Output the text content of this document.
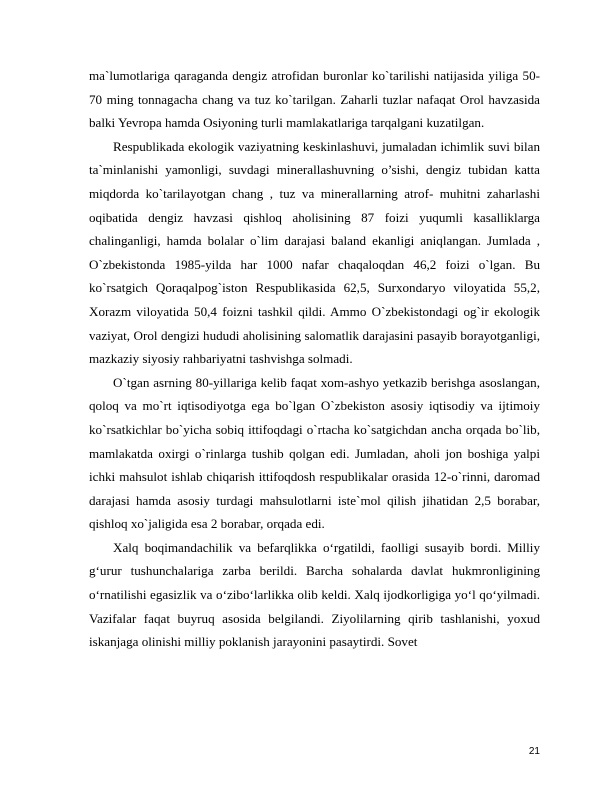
ma`lumotlariga qaraganda dengiz atrofidan buronlar ko`tarilishi natijasida yiliga 50-70 ming tonnagacha chang va tuz ko`tarilgan. Zaharli tuzlar nafaqat Orol havzasida balki Yevropa hamda Osiyoning turli mamlakatlariga tarqalgani kuzatilgan.

Respublikada ekologik vaziyatning keskinlashuvi, jumaladan ichimlik suvi bilan ta`minlanishi yamonligi, suvdagi minerallashuvning o’sishi, dengiz tubidan katta miqdorda ko`tarilayotgan chang , tuz va minerallarning atrof- muhitni zaharlashi oqibatida dengiz havzasi qishloq aholisining 87 foizi yuqumli kasalliklarga chalinganligi, hamda bolalar o`lim darajasi baland ekanligi aniqlangan. Jumlada , O`zbekistonda 1985-yilda har 1000 nafar chaqaloqdan 46,2 foizi o`lgan. Bu ko`rsatgich Qoraqalpog`iston Respublikasida 62,5, Surxondaryo viloyatida 55,2, Xorazm viloyatida 50,4 foizni tashkil qildi. Ammo O`zbekistondagi og`ir ekologik vaziyat, Orol dengizi hududi aholisining salomatlik darajasini pasayib borayotganligi, mazkaziy siyosiy rahbariyatni tashvishga solmadi.

O`tgan asrning 80-yillariga kelib faqat xom-ashyo yetkazib berishga asoslangan, qoloq va mo`rt iqtisodiyotga ega bo`lgan O`zbekiston asosiy iqtisodiy va ijtimoiy ko`rsatkichlar bo`yicha sobiq ittifoqdagi o`rtacha ko`satgichdan ancha orqada bo`lib, mamlakatda oxirgi o`rinlarga tushib qolgan edi. Jumladan, aholi jon boshiga yalpi ichki mahsulot ishlab chiqarish ittifoqdosh respublikalar orasida 12-o`rinni, daromad darajasi hamda asosiy turdagi mahsulotlarni iste`mol qilish jihatidan 2,5 borabar, qishloq xo`jaligida esa 2 borabar, orqada edi.

Xalq boqimandachilik va befarqlikka o‘rgatildi, faolligi susayib bordi. Milliy g‘urur tushunchalariga zarba berildi. Barcha sohalarda davlat hukmronligining o‘rnatilishi egasizlik va o‘zibo‘larlikka olib keldi. Xalq ijodkorligiga yo‘l qo‘yilmadi. Vazifalar faqat buyruq asosida belgilandi. Ziyolilarning qirib tashlanishi, yoxud iskanjaga olinishi milliy poklanish jarayonini pasaytirdi. Sovet

21
